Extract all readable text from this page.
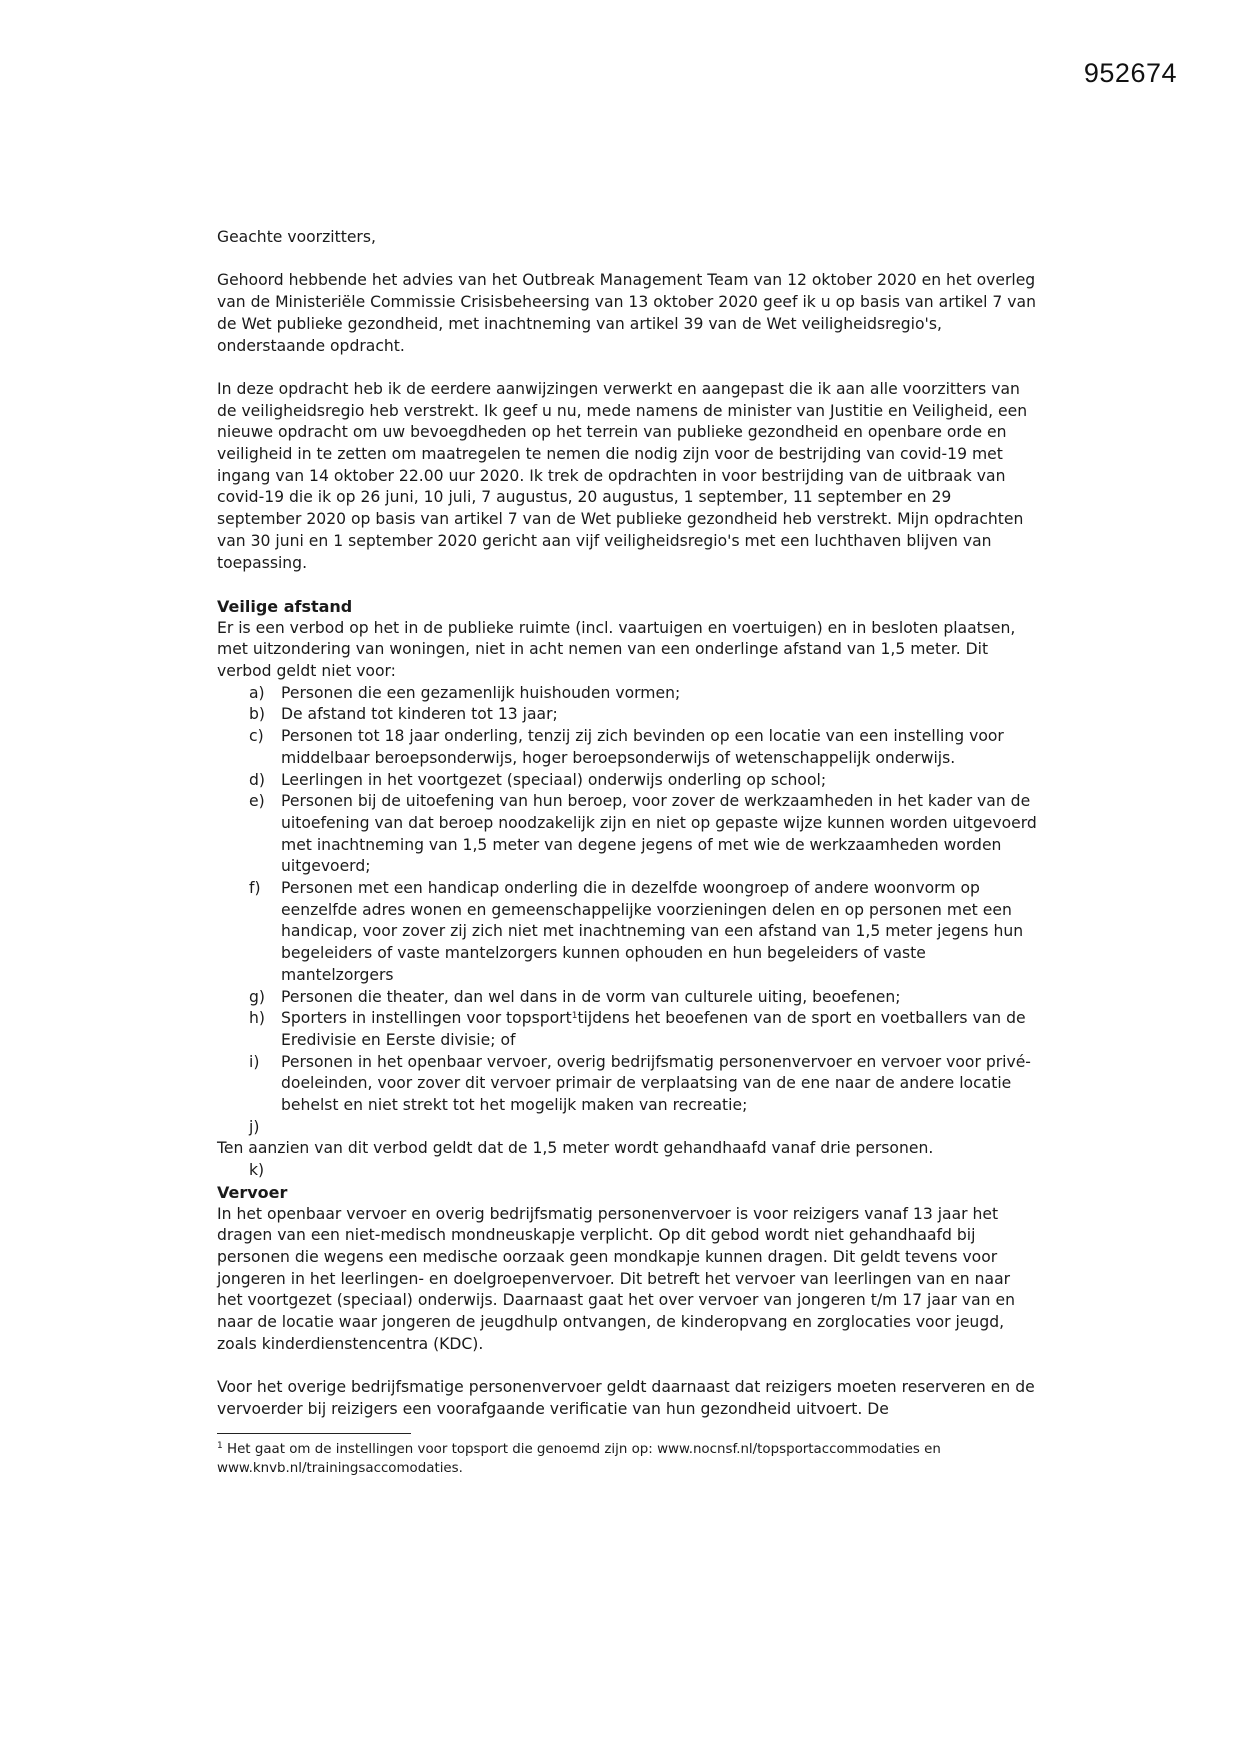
952674

Geachte voorzitters,

Gehoord hebbende het advies van het Outbreak Management Team van 12 oktober 2020 en het overleg van de Ministeriële Commissie Crisisbeheersing van 13 oktober 2020 geef ik u op basis van artikel 7 van de Wet publieke gezondheid, met inachtneming van artikel 39 van de Wet veiligheidsregio's, onderstaande opdracht.

In deze opdracht heb ik de eerdere aanwijzingen verwerkt en aangepast die ik aan alle voorzitters van de veiligheidsregio heb verstrekt. Ik geef u nu, mede namens de minister van Justitie en Veiligheid, een nieuwe opdracht om uw bevoegdheden op het terrein van publieke gezondheid en openbare orde en veiligheid in te zetten om maatregelen te nemen die nodig zijn voor de bestrijding van covid-19 met ingang van 14 oktober 22.00 uur 2020. Ik trek de opdrachten in voor bestrijding van de uitbraak van covid-19 die ik op 26 juni, 10 juli, 7 augustus, 20 augustus, 1 september, 11 september en 29 september 2020 op basis van artikel 7 van de Wet publieke gezondheid heb verstrekt. Mijn opdrachten van 30 juni en 1 september 2020 gericht aan vijf veiligheidsregio's met een luchthaven blijven van toepassing.

Veilige afstand

Er is een verbod op het in de publieke ruimte (incl. vaartuigen en voertuigen) en in besloten plaatsen, met uitzondering van woningen, niet in acht nemen van een onderlinge afstand van 1,5 meter. Dit verbod geldt niet voor:

a) Personen die een gezamenlijk huishouden vormen;
b) De afstand tot kinderen tot 13 jaar;
c) Personen tot 18 jaar onderling, tenzij zij zich bevinden op een locatie van een instelling voor middelbaar beroepsonderwijs, hoger beroepsonderwijs of wetenschappelijk onderwijs.
d) Leerlingen in het voortgezet (speciaal) onderwijs onderling op school;
e) Personen bij de uitoefening van hun beroep, voor zover de werkzaamheden in het kader van de uitoefening van dat beroep noodzakelijk zijn en niet op gepaste wijze kunnen worden uitgevoerd met inachtneming van 1,5 meter van degene jegens of met wie de werkzaamheden worden uitgevoerd;
f) Personen met een handicap onderling die in dezelfde woongroep of andere woonvorm op eenzelfde adres wonen en gemeenschappelijke voorzieningen delen en op personen met een handicap, voor zover zij zich niet met inachtneming van een afstand van 1,5 meter jegens hun begeleiders of vaste mantelzorgers kunnen ophouden en hun begeleiders of vaste mantelzorgers
g) Personen die theater, dan wel dans in de vorm van culturele uiting, beoefenen;
h) Sporters in instellingen voor topsport$^1$tijdens het beoefenen van de sport en voetballers van de Eredivisie en Eerste divisie; of
i) Personen in het openbaar vervoer, overig bedrijfsmatig personenvervoer en vervoer voor privé-doeleinden, voor zover dit vervoer primair de verplaatsing van de ene naar de andere locatie behelst en niet strekt tot het mogelijk maken van recreatie;

j)

Ten aanzien van dit verbod geldt dat de 1,5 meter wordt gehandhaafd vanaf drie personen.

k)

Vervoer

In het openbaar vervoer en overig bedrijfsmatig personenvervoer is voor reizigers vanaf 13 jaar het dragen van een niet-medisch mondneuskapje verplicht. Op dit gebod wordt niet gehandhaafd bij personen die wegens een medische oorzaak geen mondkapje kunnen dragen. Dit geldt tevens voor jongeren in het leerlingen- en doelgroepenvervoer. Dit betreft het vervoer van leerlingen van en naar het voortgezet (speciaal) onderwijs. Daarnaast gaat het over vervoer van jongeren t/m 17 jaar van en naar de locatie waar jongeren de jeugdhulp ontvangen, de kinderopvang en zorglocaties voor jeugd, zoals kinderdienstencentra (KDC).

Voor het overige bedrijfsmatige personenvervoer geldt daarnaast dat reizigers moeten reserveren en de vervoerder bij reizigers een voorafgaande verificatie van hun gezondheid uitvoert. De

$^1$ Het gaat om de instellingen voor topsport die genoemd zijn op: www.nocnsf.nl/topsportaccommodaties en www.knvb.nl/trainingsaccomodaties.
